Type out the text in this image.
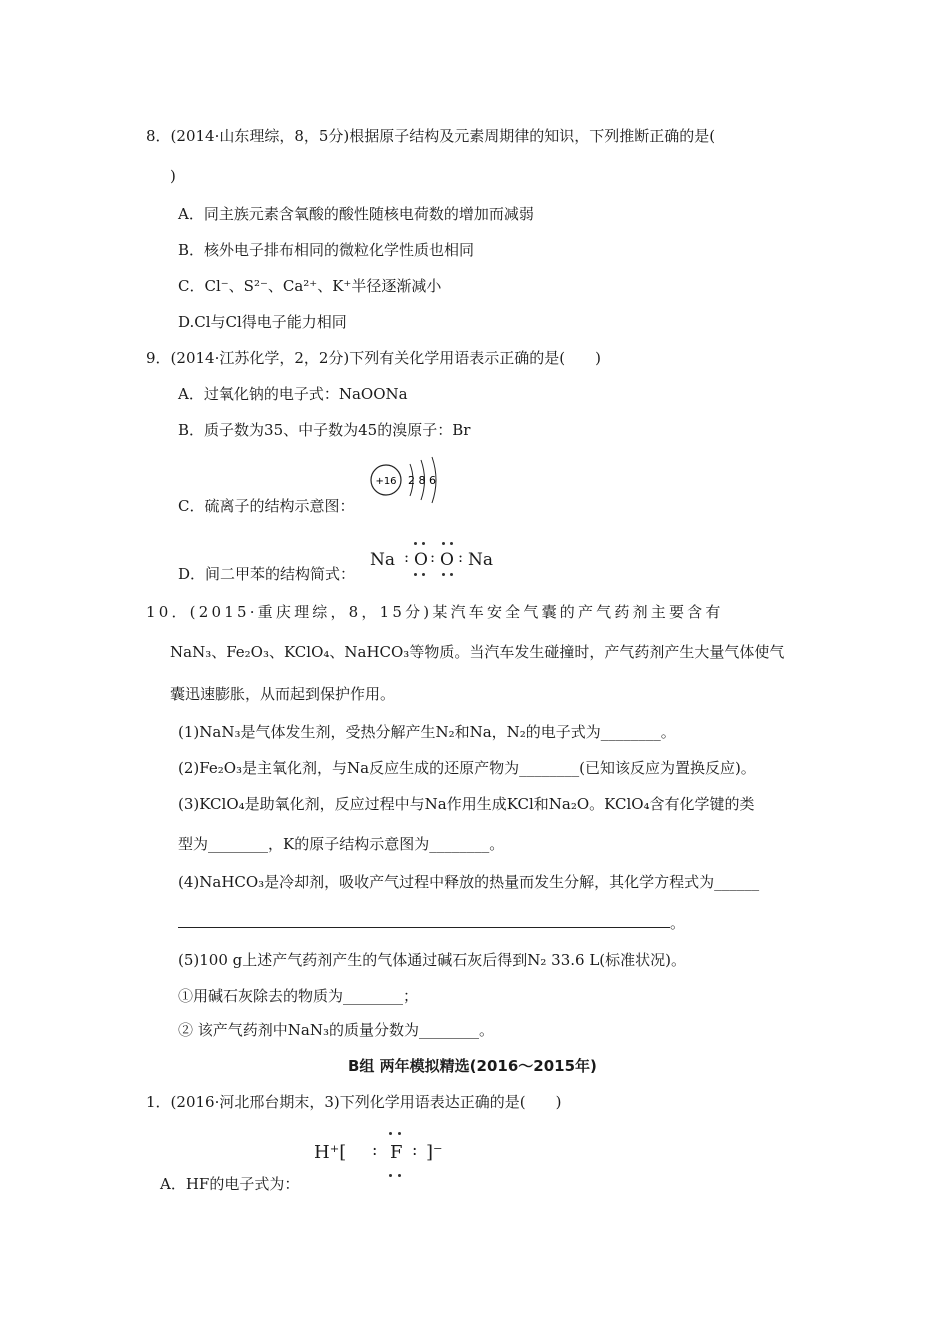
8．(2014·山东理综，8，5分)根据原子结构及元素周期律的知识，下列推断正确的是(
)
A．同主族元素含氧酸的酸性随核电荷数的增加而减弱
B．核外电子排布相同的微粒化学性质也相同
C．Cl⁻、S²⁻、Ca²⁺、K⁺半径逐渐减小
D.Cl与Cl得电子能力相同
9．(2014·江苏化学，2，2分)下列有关化学用语表示正确的是(　　)
A．过氧化钠的电子式：NaOONa
B．质子数为35、中子数为45的溴原子：Br
C．硫离子的结构示意图：
+16 2 8 6
D．间二甲苯的结构简式：
Na : O : O : Na
10．(2015·重庆理综，8，15分)某汽车安全气囊的产气药剂主要含有
NaN₃、Fe₂O₃、KClO₄、NaHCO₃等物质。当汽车发生碰撞时，产气药剂产生大量气体使气
囊迅速膨胀，从而起到保护作用。
(1)NaN₃是气体发生剂，受热分解产生N₂和Na，N₂的电子式为________。
(2)Fe₂O₃是主氧化剂，与Na反应生成的还原产物为________(已知该反应为置换反应)。
(3)KClO₄是助氧化剂，反应过程中与Na作用生成KCl和Na₂O。KClO₄含有化学键的类
型为________，K的原子结构示意图为________。
(4)NaHCO₃是冷却剂，吸收产气过程中释放的热量而发生分解，其化学方程式为______
。
(5)100 g上述产气药剂产生的气体通过碱石灰后得到N₂ 33.6 L(标准状况)。
①用碱石灰除去的物质为________；
② 该产气药剂中NaN₃的质量分数为________。
B组 两年模拟精选(2016～2015年)
1．(2016·河北邢台期末，3)下列化学用语表达正确的是(　　)
H⁺[ : F : ]⁻
A．HF的电子式为：
